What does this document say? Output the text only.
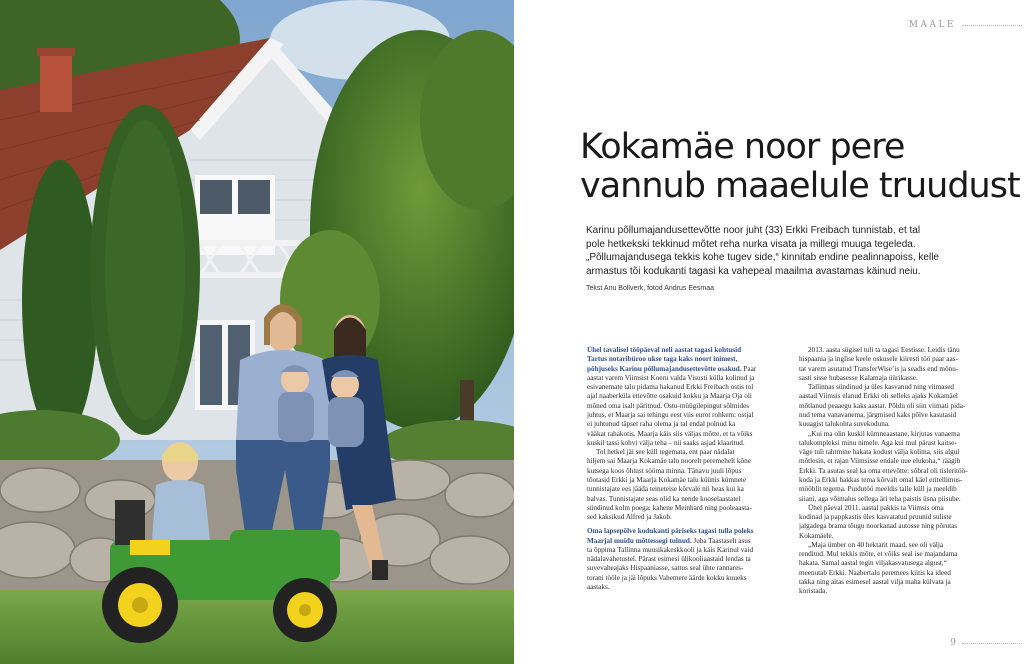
MAALE
Kokamäe noor pere
vannub maaelule truudust
Karinu põllumajandusettevõtte noor juht (33) Erkki Freibach tunnistab, et tal
pole hetkekski tekkinud mõtet reha nurka visata ja millegi muuga tegeleda.
„Põllumajandusega tekkis kohe tugev side,“ kinnitab endine pealinnapoiss, kelle
armastus tõi kodukanti tagasi ka vahepeal maailma avastamas käinud neiu.
Tekst Anu Bollverk, fotod Andrus Eesmaa
Ühel tavalisel tööpäeval neli aastat tagasi kohtusid
Tartus notaribüroo ukse taga kaks noort inimest,
põhjuseks Karinu põllumajandusettevõtte osakud. Paar
aastat varem Viimsist Koeru valda Visusti külla kolinud ja
esivanemate talu pidama hakanud Erkki Freibach ostis tol
ajal naaberküla ettevõtte osakuid kokku ja Maarja Oja oli
mõned oma isalt päritnud. Ostu-müügilepingut sõlmides
juhtus, et Maarja sai tehingu eest viis eurot rohkem: ostjal
ei juhtunud täpset raha olema ja tal endal polnud ka
vääkat rahakotis. Maarja käis siis väljas mõtte, et ta võiks
kuskil tassi kohvi välja teha – nii saaks asjad klaaritud.
Tol hetkel jäi see küll tegemata, ent paar nädalat
hiljem sai Maarja Kokamäe talu noorelt peremehelt kõne
kutsega koos õhtust sööma minna. Tänavu juuli lõpus
tõotasid Erkki ja Maarja Kokamäe talu küünis kümnete
tunnistajate ees jääda teineteise kõrvale nii heas kui ka
halvas. Tunnistajate seas olid ka nende kooselaastatel
sündinud kolm poega: kahene Meinhard ning pooleaasta-
sed kaksikud Alfred ja Jakob.
Oma lapsepõlve kodukanti päriseks tagasi tulla poleks
Maarjal muidu mõttessegi tulnud. Juba Taastaselt asus
ta õppima Tallinna muusikakeskkooli ja käis Karinul vaid
nädalavahetustel. Pärast esimesi ülikooliaastaid lendas ta
suvevaheajaks Hispaaniasse, sattus seal ühte rannares-
torani tööle ja jäi lõpuks Vahemere äärde kokku kuueks
aastaks.
2013. aasta sügisel tuli ta tagasi Eestisse. Leidis tänu
hispaania ja inglise keele oskusele kiiresti töö paar aas-
tat varem asutatud TransferWise’is ja seadis end mõnu-
sasti sisse hubasesse Kalamaja üürikasse.
Tallinnas sündinud ja üles kasvanud ning viimased
aastad Viimsis elanud Erkki oli selleks ajaks Kokamäel
mõtlanud peaaegu kaks aastat. Põldu oli siin viimati pida-
nud tema vanavanema, järgmised kaks põlve kasutasid
kuuagist talukohta suvekoduna.
„Kui ma olin kuskil kümneaastane, kirjutas vanaema
talukompleksi minu nimele. Aga kui mul pärast kaitse-
väge tuli tahtmine hakata kodust välja kolima, siis algul
mõtlesin, et rajan Viimsisse endale uue elukoha,“ räägib
Erkki. Ta asutas seal ka oma ettevõtte: sõbral oli tisleritöö-
koda ja Erkki hakkas tema kõrvalt omal käel eritellimus-
mööblit tegema. Puidutöö meeldis talle küll ja meeldib
siiani, aga võimalus sellega äri teha paistis üsna piisube.
Ühel päeval 2011. aastal pakkis ta Viimsis oma
kodinad ja pappkastis üles kasvatatud pruunid suliste
jalgadega brama tõugu noorkanad autosse ning põrutas
Kokamäele.
„Maja ümber on 40 hektarit maad, see oli välja
renditud. Mul tekkis mõte, et võiks seal ise majandama
hakata. Samal aastal tegin viljakasvatusega algust,“
meenutab Erkki. Naabertalu peremees kiitis ka ideed
takka ning aitas esimesel aastal vilja maha külvata ja
koristada.
9
